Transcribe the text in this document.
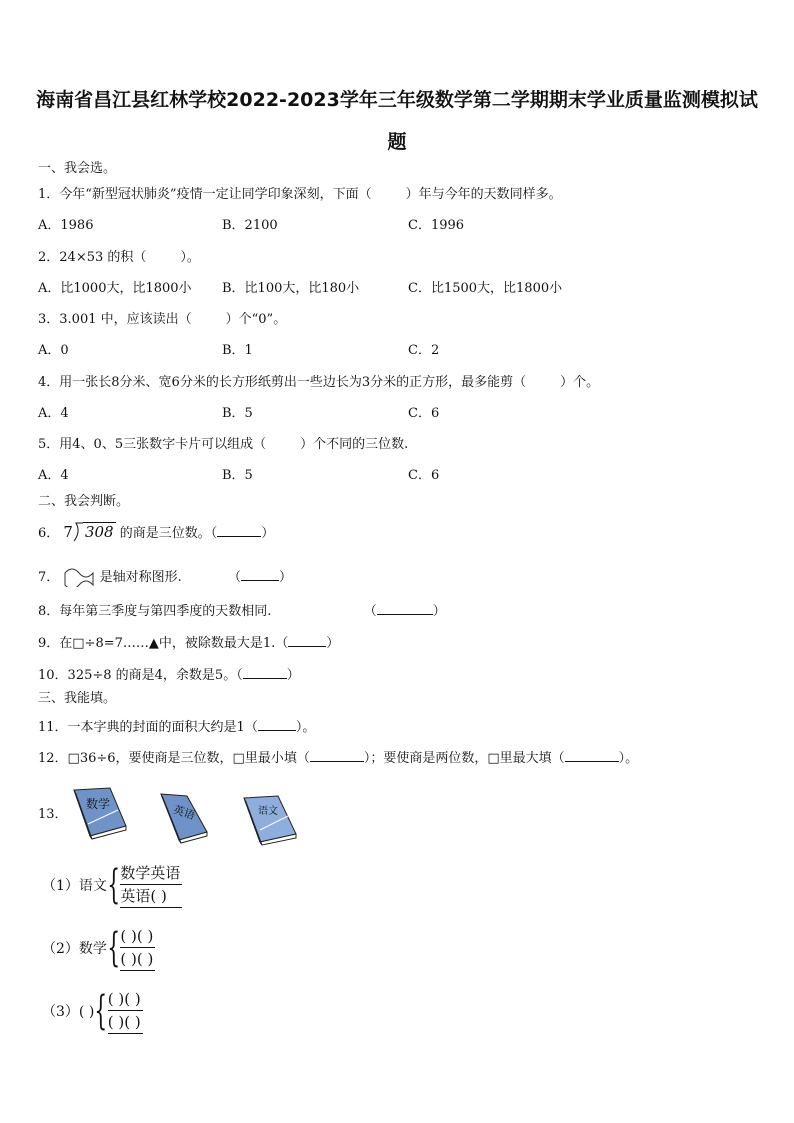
海南省昌江县红林学校2022-2023学年三年级数学第二学期期末学业质量监测模拟试
题
一、我会选。
1．今年“新型冠状肺炎”疫情一定让同学印象深刻，下面（	）年与今年的天数同样多。
A．1986	B．2100	C．1996
2．24×53 的积（	）。
A．比1000大，比1800小 B．比100大，比180小	C．比1500大，比1800小
3．3.001 中，应该读出（	）个“0”。
A．0	B．1	C．2
4．用一张长8分米、宽6分米的长方形纸剪出一些边长为3分米的正方形，最多能剪（	）个。
A．4	B．5	C．6
5．用4、0、5三张数字卡片可以组成（	）个不同的三位数.
A．4	B．5	C．6
二、我会判断。
6． 7 308 的商是三位数。（	）
7．	是轴对称图形.	（	）
8．每年第三季度与第四季度的天数相同.	（	）
9．在□÷8=7……▲中，被除数最大是1.（	）
10．325÷8 的商是4，余数是5。（	）
三、我能填。
11．一本字典的封面的面积大约是1（	）。
12．□36÷6，要使商是三位数，□里最小填（	）；要使商是两位数，□里最大填（	）。
13．
数学	英语	语文
（1）语文{ 数学英语
英语( )
（2）数学{ ( )( )
( )( )
（3）( ){ ( )( )
( )( )
